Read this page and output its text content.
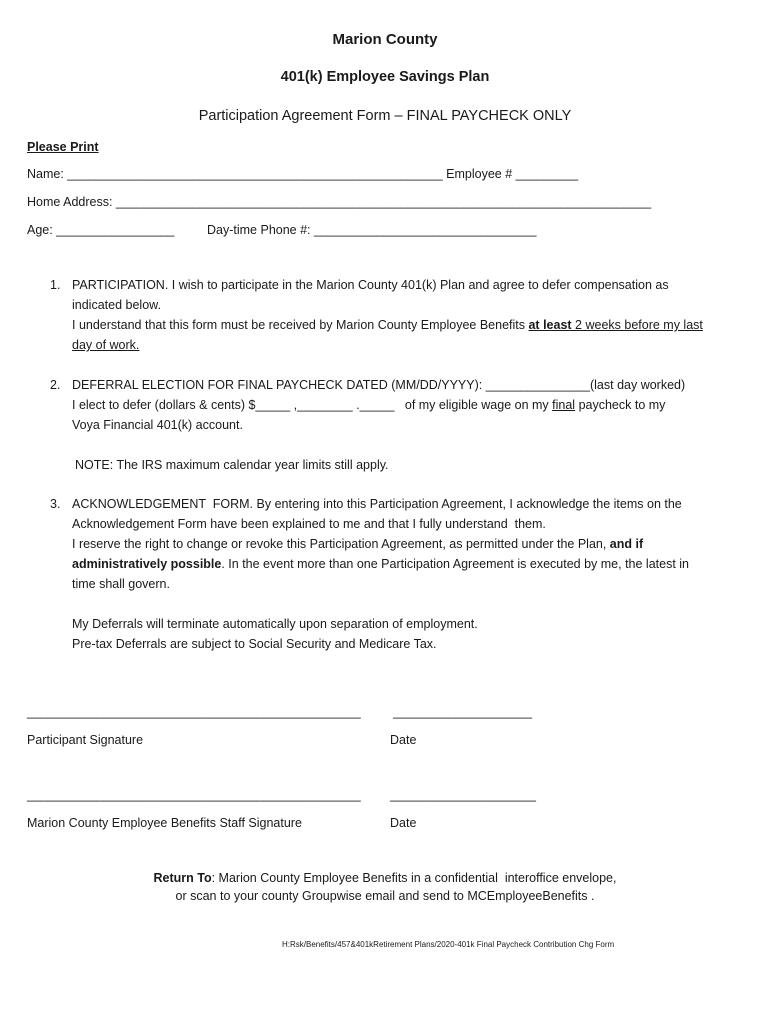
Marion County
401(k) Employee Savings Plan
Participation Agreement Form – FINAL PAYCHECK ONLY
Please Print
Name: ______________________________________________________ Employee # _________
Home Address: _____________________________________________________________________________
Age: _________________	Day-time Phone #: ________________________________
1. PARTICIPATION. I wish to participate in the Marion County 401(k) Plan and agree to defer compensation as
indicated below.
I understand that this form must be received by Marion County Employee Benefits at least 2 weeks before my last
day of work.
2. DEFERRAL ELECTION FOR FINAL PAYCHECK DATED (MM/DD/YYYY): _______________(last day worked)
I elect to defer (dollars & cents) $_____ ,________ ._____   of my eligible wage on my final paycheck to my
Voya Financial 401(k) account.
NOTE: The IRS maximum calendar year limits still apply.
3. ACKNOWLEDGEMENT  FORM. By entering into this Participation Agreement, I acknowledge the items on the
Acknowledgement Form have been explained to me and that I fully understand  them.
I reserve the right to change or revoke this Participation Agreement, as permitted under the Plan, and if
administratively possible. In the event more than one Participation Agreement is executed by me, the latest in
time shall govern.
My Deferrals will terminate automatically upon separation of employment.
Pre-tax Deferrals are subject to Social Security and Medicare Tax.
________________________________________________	____________________
Participant Signature	Date
________________________________________________ _____________________
Marion County Employee Benefits Staff Signature	Date
Return To: Marion County Employee Benefits in a confidential  interoffice envelope,
or scan to your county Groupwise email and send to MCEmployeeBenefits .
H:Rsk/Benefits/457&401kRetirement Plans/2020-401k Final Paycheck Contribution Chg Form
